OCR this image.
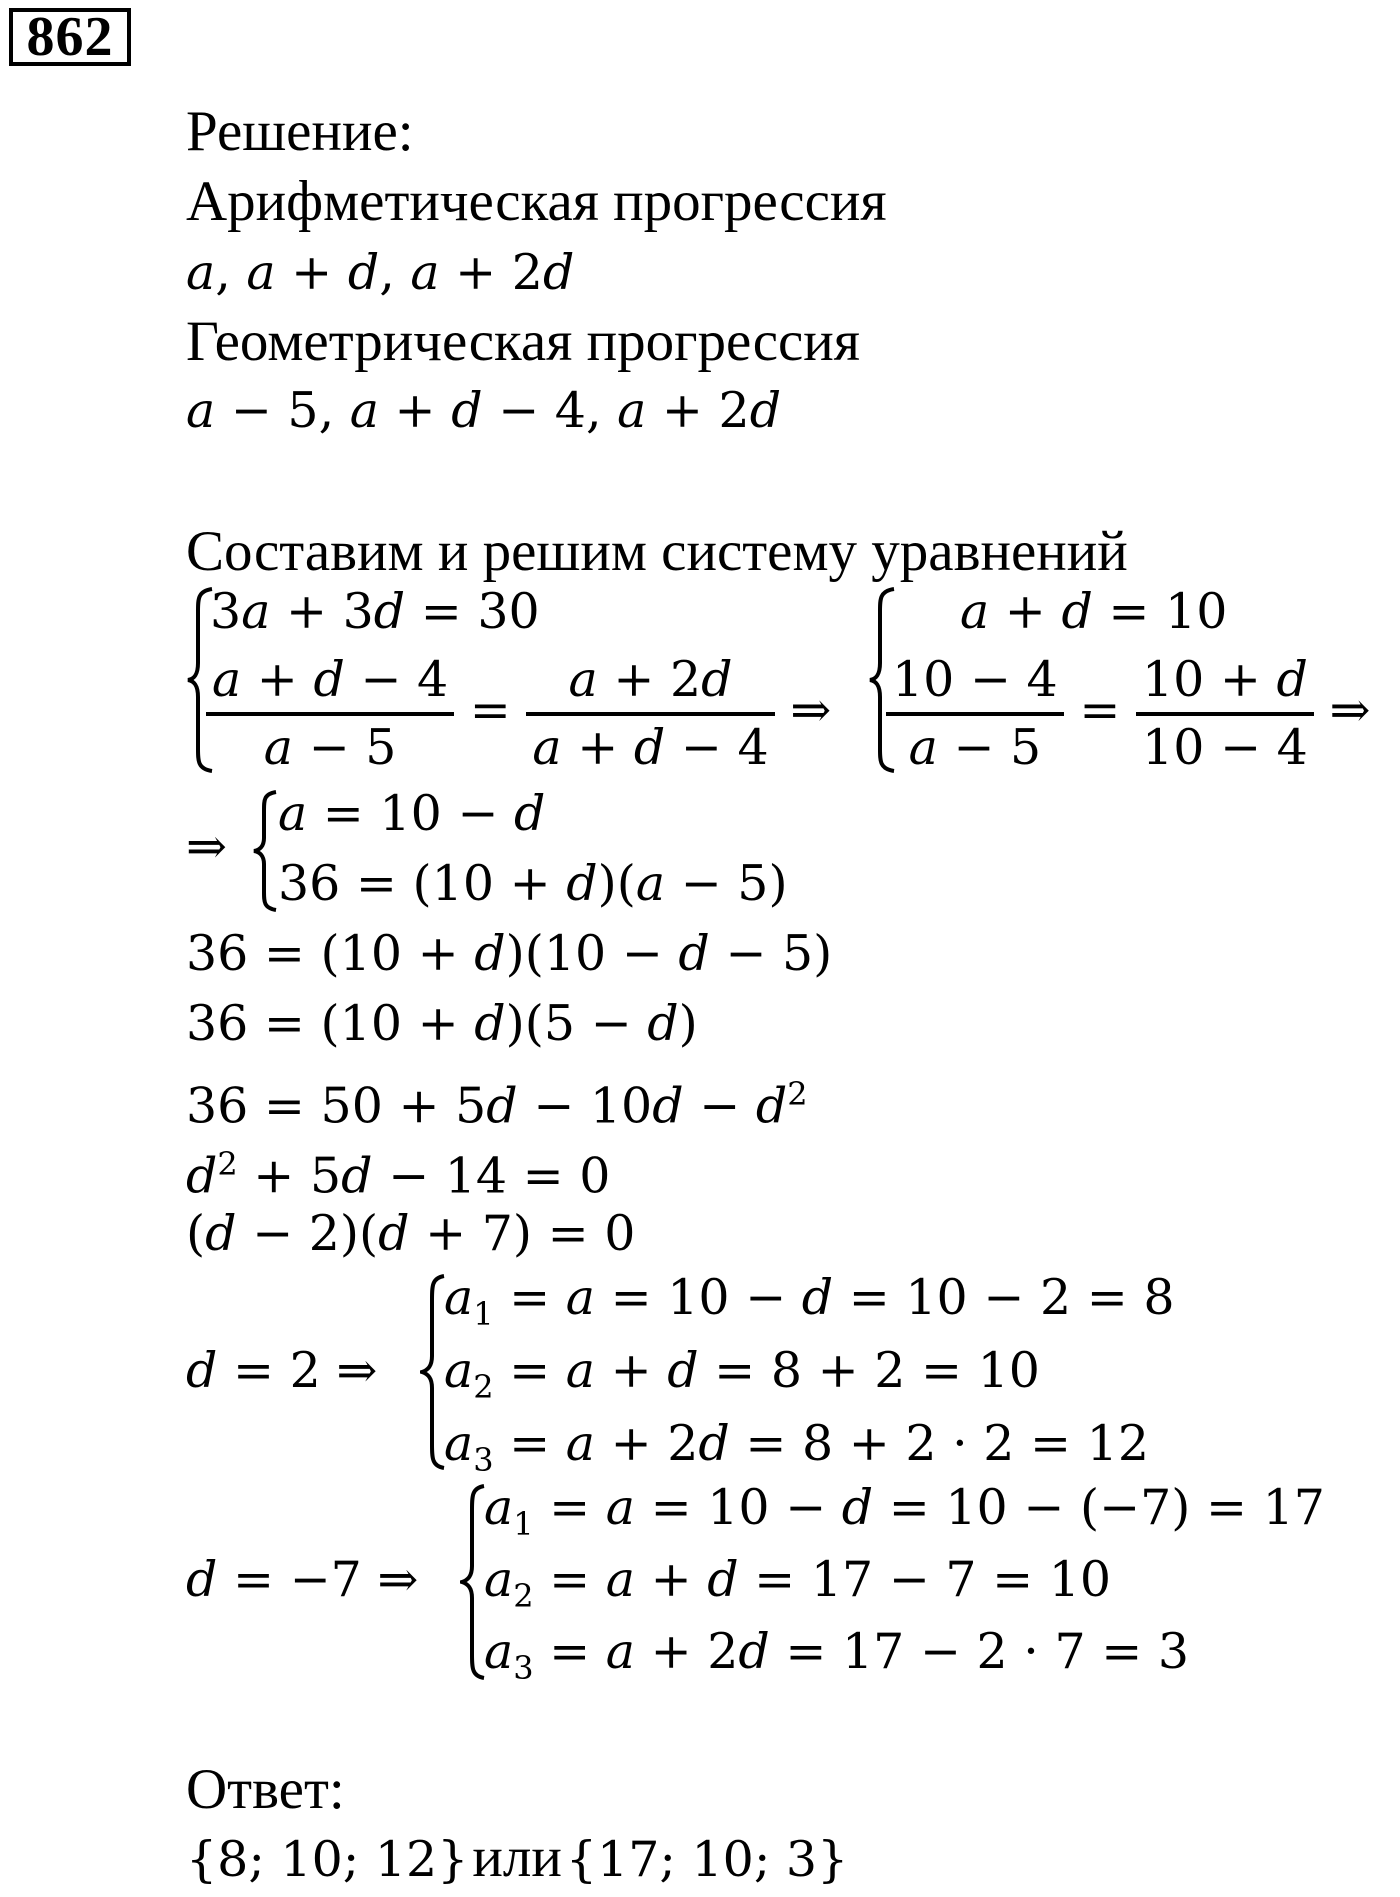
862
Решение:
Арифметическая прогрессия
a, a + d, a + 2d
Геометрическая прогрессия
a − 5, a + d − 4, a + 2d
Составим и решим систему уравнений
3a + 3d = 30
$\frac{a + d - 4}{a - 5} = \frac{a + 2d}{a + d - 4}$ ⇒
a + d = 10
$\frac{10 - 4}{a - 5} = \frac{10 + d}{10 - 4}$ ⇒
⇒
a = 10 − d
36 = (10 + d)(a − 5)
36 = (10 + d)(10 − d − 5)
36 = (10 + d)(5 − d)
$36 = 50 + 5d - 10d - d^2$
$d^2 + 5d - 14 = 0$
(d − 2)(d + 7) = 0
d = 2 ⇒
$a_1 = a = 10 - d = 10 - 2 = 8$
$a_2 = a + d = 8 + 2 = 10$
$a_3 = a + 2d = 8 + 2 \cdot 2 = 12$
d = −7 ⇒
$a_1 = a = 10 - d = 10 - (-7) = 17$
$a_2 = a + d = 17 - 7 = 10$
$a_3 = a + 2d = 17 - 2 \cdot 7 = 3$
Ответ:
{8; 10; 12} или {17; 10; 3}
